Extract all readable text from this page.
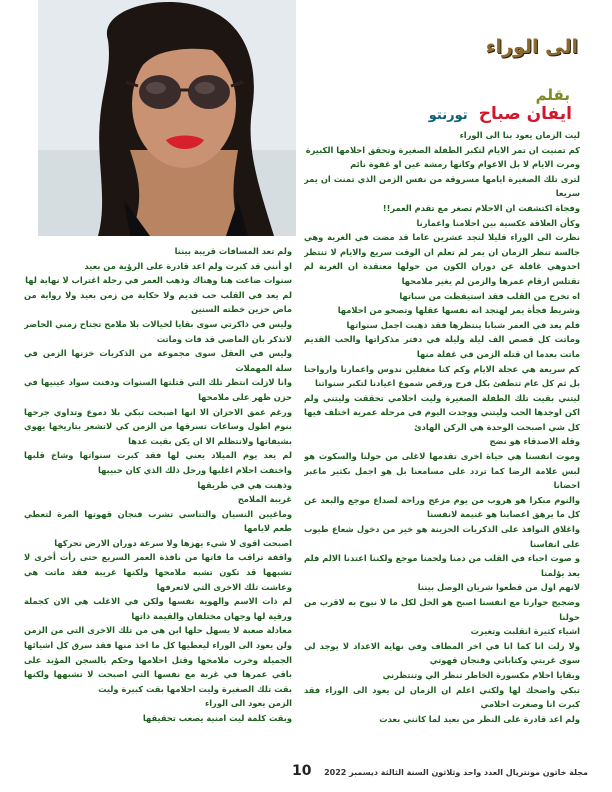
الى الوراء
بقلم
ايفان صباح تورنتو

ليت الزمان يعود بنا الى الوراء

كم تمنيت ان تمر الايام لتكبر الطفلة الصغيرة وتحقق احلامها الكبيرة

ومرت الايام لا بل الاعوام وكانها رمشة عين او غفوة نائم

لترى تلك الصغيرة ايامها مسروقة من نفس الزمن الذي تمنت ان يمر سريعا

وفجاة اكتشفت ان الاحلام تصغر مع تقدم العمر!!

وكأن العلاقة عكسية بين احلامنا واعمارنا

نظرت الى الوراء قليلا لتجد عشرين عاما قد مضت في الغربة وهي جالسة تنظر الزمان ان يمر لم تعلم ان الوقت سريع والايام لا تنتظر احدوهي غافلة عن دوران الكون من حولها معتقدة ان الغربة لم تقتلس ارقام عمرها والزمن لم يغير ملامحها

اه تخرج من القلب فقد استيقظت من سباتها

وشريط فجأة يمر لهتجد انه نفسها عقلها وتصحو من احلامها

فلم يعد في العمر شبابا ينتظرها فقد ذهبت اجمل سنواتها

وماتت كل قصص الف ليلة وليلة في دفتر مذكراتها والحب القديم ماتت بعدما ان قتله الزمن في غفلة منها

كم سريعة هي عجلة الايام وكم كنا مغفلين ندوس واعمارنا وارواحنا بل ثم كل عام تتطفئ بكل فرح ورقص شموع اعيادنا لتكبر سنواتنا

ليتني بقيت تلك الطفلة الصغيرة وليت احلامي تحققت وليتني ولم اكن اوجدها الحب وليتني ووجدت اليوم في مرحلة عمرية اختلف فيها كل شي اصبحت الوحدة هي الركن الهادئ

وقلة الاصدقاء هو نضج

وموت انفسنا هي حياة اخرى تقدمها لاغلى من حولنا والسكوت هو لبس علامة الرضا كما تردد على مسامعنا بل هو اجمل بكثير ماعبر احضانا

والنوم مبكرا هو هروب من يوم مزعج وراحة لصداع موجع والبعد عن كل ما يرهق اعصابنا هو غنيمة لانفسنا

واغلاق النوافذ على الذكريات الحزينة هو خير من دخول شعاع طيوب على انفاسنا

و صوت احباء في القلب من دمنا ولحمنا موجع ولكننا اعتدنا الالم فلم يعد يؤلمنا

لانهم اول من قطعوا شريان الوصل بيننا

وضجيج حوارنا مع انفسنا اصبح هو الحل لكل ما لا نبوح به لاقرب من حولنا

اشياء كثيرة انقلبت وتغيرت

ولا زلت انا كما انا في اخر المطاف وفي نهاية الاعداد لا يوجد لي سوى غربتي وكتاباتي وفنجان قهوتي

وبقايا احلام مكسورة الخاطر تنظر الي وتنتظرني

تبكي واضحك لها ولكني اعلم ان الزمان لن يعود الى الوراء فقد كبرت انا وصغرت احلامي

ولم اعد قادرة على النظر من بعيد لما كانني بعدت

ولم تعد المسافات قريبة بيننا

او أنني قد كبرت ولم اعد قادرة على الرؤية من بعيد

سنوات ضاعت هنا وهناك وذهب العمر في رحلة اغتراب لا نهاية لها

لم يعد في القلب حب قديم ولا حكاية من زمن بعيد ولا رواية من ماض حزين خطته السنين

وليس في ذاكرتي سوى بقايا لخيالات بلا ملامح تجتاح زمني الحاضر لاتذكر بان الماضي قد فات وماتت

وليس في العقل سوى مجموعة من الذكريات خزنها الزمن في سلة المهملات

وانا لازلت انتظر تلك التي قتلتها السنوات ودفنت سواد عينيها في حزن ظهر على ملامحها

ورغم عمق الاحزان الا انها اصبحت تبكي بلا دموع وتداوي جرحها بنوم اطول وساعات تسرقها من الزمن كي لاتشعر بتاريخها يهوي بشيفاتها ولاتتظلم الا ان يكن بقيت عدها

لم يعد يوم الميلاد يعني لها فقد كبرت سنواتها وشاخ قلبها واختفت احلام اغلبها ورحل ذلك الذي كان حبيبها

وذهبت هي في طريقها

غريبة الملامح

وماغيبن النسيان والتناسي تشرب فنجان قهوتها المرة لتعطي طعم لايامها

اصبحت اقوى لا شيء يهزها ولا سرعة دوران الارض تحركها

واقفة تراقب ما فاتها من نافذة العمر السريع حتى رأت أخرى لا تشبهها قد تكون تشبه ملامحها ولكنها غريبة فقد ماتت هي وعاشت تلك الاخرى التي لاتعرفها

لم ذات الاسم والهوية نفسها ولكن في الاغلب هي الان كجملة ورقية لها وجهان مختلفان والقيمة ذاتها

معادلة صعبة لا يسهل حلها ابن هي من تلك الاخرى التي من الزمن ولن يعود الى الوراء ليعطيها كل ما اخذ منها فقد سرق كل اشيائها الجميلة وخرب ملامحها وقتل احلامها وحكم بالسجن المؤبد على باقي عمرها في غربة مع نفسها التي اصبحت لا تشبهها ولكنها بقت تلك الصغيرة وليت احلامها بقت كبيرة وليت

الزمن يعود الى الوراء

وبقت كلمة ليت امنية يصعب تحقيقها

10 مجلة خاتون مونتريال العدد واحد وثلاثون السنة الثالثة ديسمبر 2022
